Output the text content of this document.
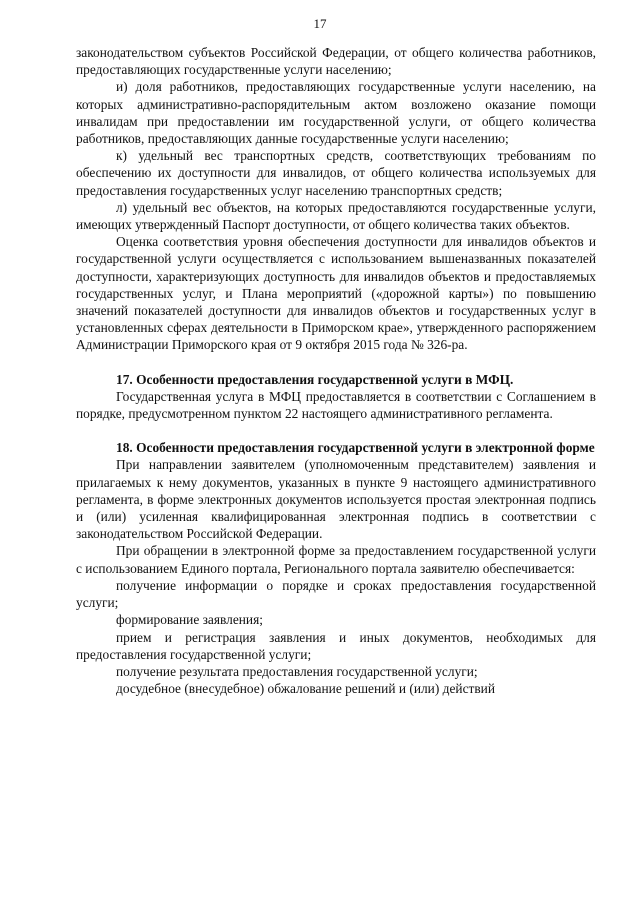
17

законодательством субъектов Российской Федерации, от общего количества работников, предоставляющих государственные услуги населению;

и) доля работников, предоставляющих государственные услуги населению, на которых административно-распорядительным актом возложено оказание помощи инвалидам при предоставлении им государственной услуги, от общего количества работников, предоставляющих данные государственные услуги населению;

к) удельный вес транспортных средств, соответствующих требованиям по обеспечению их доступности для инвалидов, от общего количества используемых для предоставления государственных услуг населению транспортных средств;

л) удельный вес объектов, на которых предоставляются государственные услуги, имеющих утвержденный Паспорт доступности, от общего количества таких объектов.

Оценка соответствия уровня обеспечения доступности для инвалидов объектов и государственной услуги осуществляется с использованием вышеназванных показателей доступности, характеризующих доступность для инвалидов объектов и предоставляемых государственных услуг, и Плана мероприятий («дорожной карты») по повышению значений показателей доступности для инвалидов объектов и государственных услуг в установленных сферах деятельности в Приморском крае», утвержденного распоряжением Администрации Приморского края от 9 октября 2015 года № 326-ра.

17. Особенности предоставления государственной услуги в МФЦ.

Государственная услуга в МФЦ предоставляется в соответствии с Соглашением в порядке, предусмотренном пунктом 22 настоящего административного регламента.

18. Особенности предоставления государственной услуги в электронной форме

При направлении заявителем (уполномоченным представителем) заявления и прилагаемых к нему документов, указанных в пункте 9 настоящего административного регламента, в форме электронных документов используется простая электронная подпись и (или) усиленная квалифицированная электронная подпись в соответствии с законодательством Российской Федерации.

При обращении в электронной форме за предоставлением государственной услуги с использованием Единого портала, Регионального портала заявителю обеспечивается:

получение информации о порядке и сроках предоставления государственной услуги;

формирование заявления;

прием и регистрация заявления и иных документов, необходимых для предоставления государственной услуги;

получение результата предоставления государственной услуги;

досудебное (внесудебное) обжалование решений и (или) действий
